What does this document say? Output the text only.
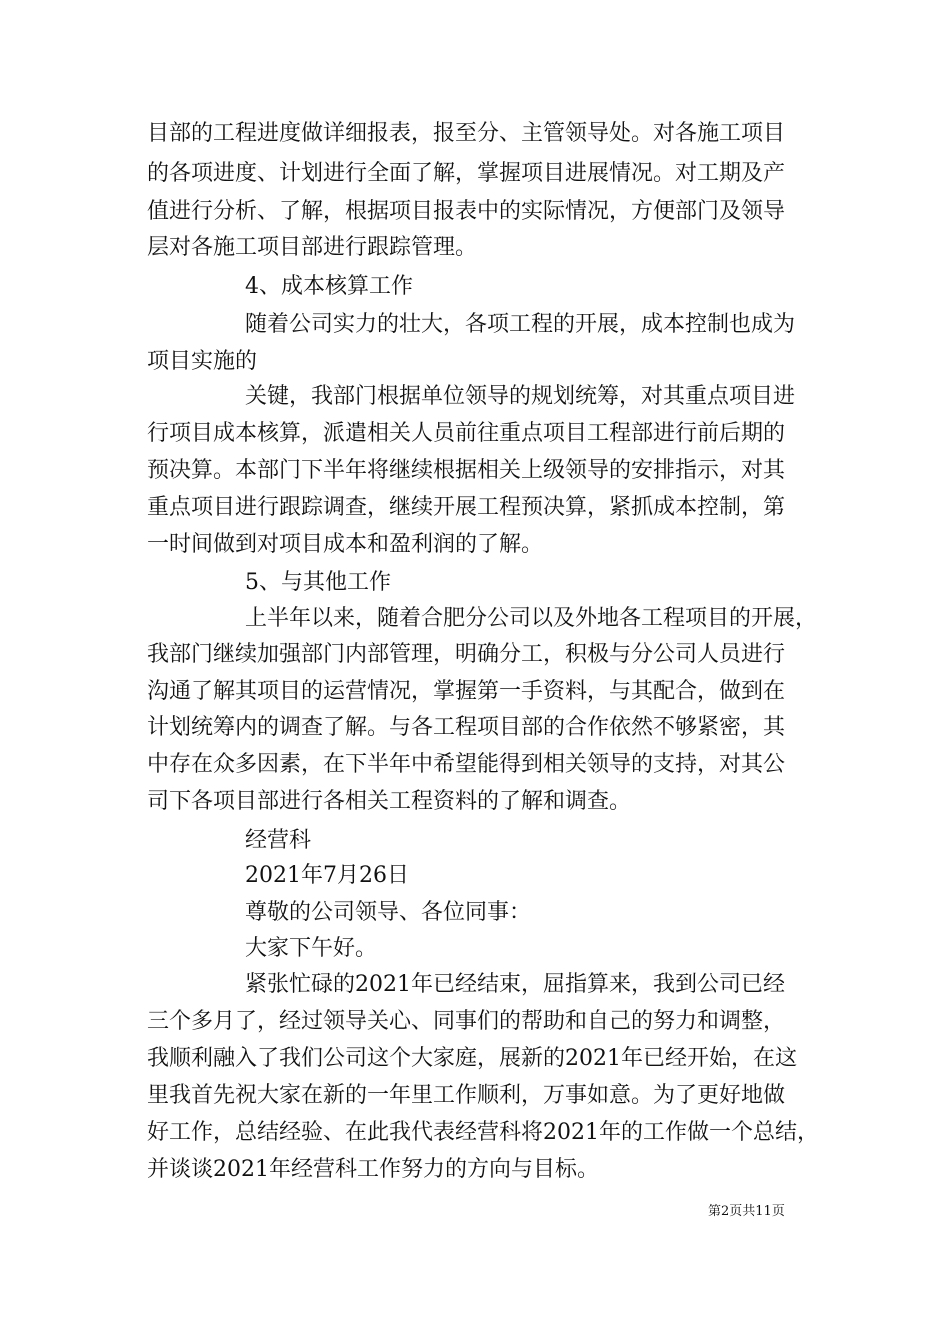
目部的工程进度做详细报表，报至分、主管领导处。对各施工项目
的各项进度、计划进行全面了解，掌握项目进展情况。对工期及产
值进行分析、了解，根据项目报表中的实际情况，方便部门及领导
层对各施工项目部进行跟踪管理。
4、成本核算工作
随着公司实力的壮大，各项工程的开展，成本控制也成为
项目实施的
关键，我部门根据单位领导的规划统筹，对其重点项目进
行项目成本核算，派遣相关人员前往重点项目工程部进行前后期的
预决算。本部门下半年将继续根据相关上级领导的安排指示，对其
重点项目进行跟踪调查，继续开展工程预决算，紧抓成本控制，第
一时间做到对项目成本和盈利润的了解。
5、与其他工作
上半年以来，随着合肥分公司以及外地各工程项目的开展，
我部门继续加强部门内部管理，明确分工，积极与分公司人员进行
沟通了解其项目的运营情况，掌握第一手资料，与其配合，做到在
计划统筹内的调查了解。与各工程项目部的合作依然不够紧密，其
中存在众多因素，在下半年中希望能得到相关领导的支持，对其公
司下各项目部进行各相关工程资料的了解和调查。
经营科
2021年7月26日
尊敬的公司领导、各位同事：
大家下午好。
紧张忙碌的2021年已经结束，屈指算来，我到公司已经
三个多月了，经过领导关心、同事们的帮助和自己的努力和调整，
我顺利融入了我们公司这个大家庭，展新的2021年已经开始，在这
里我首先祝大家在新的一年里工作顺利，万事如意。为了更好地做
好工作，总结经验、在此我代表经营科将2021年的工作做一个总结，
并谈谈2021年经营科工作努力的方向与目标。
第2页共11页
